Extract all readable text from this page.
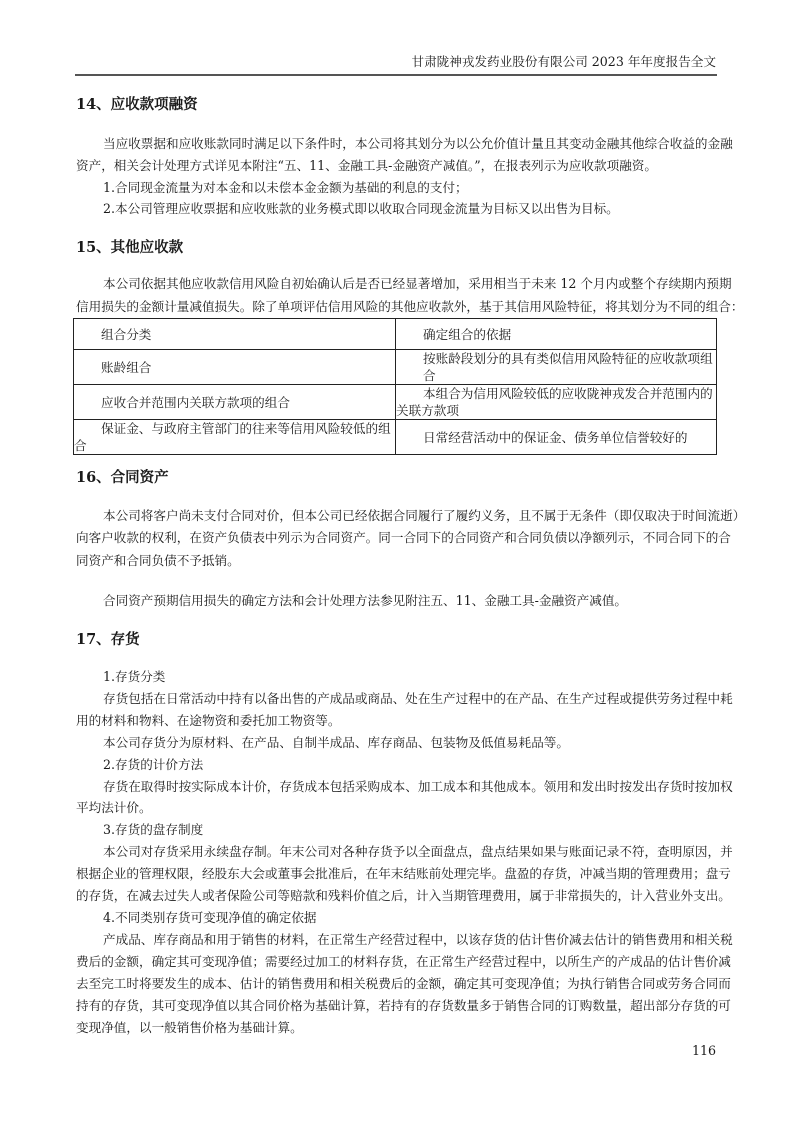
甘肃陇神戎发药业股份有限公司 2023 年年度报告全文
14、应收款项融资
当应收票据和应收账款同时满足以下条件时，本公司将其划分为以公允价值计量且其变动金融其他综合收益的金融
资产，相关会计处理方式详见本附注“五、11、金融工具-金融资产减值。”，在报表列示为应收款项融资。
1.合同现金流量为对本金和以未偿本金金额为基础的利息的支付；
2.本公司管理应收票据和应收账款的业务模式即以收取合同现金流量为目标又以出售为目标。
15、其他应收款
本公司依据其他应收款信用风险自初始确认后是否已经显著增加，采用相当于未来 12 个月内或整个存续期内预期
信用损失的金额计量减值损失。除了单项评估信用风险的其他应收款外，基于其信用风险特征，将其划分为不同的组合：
组合分类	确定组合的依据
账龄组合	按账龄段划分的具有类似信用风险特征的应收款项组合
应收合并范围内关联方款项的组合	本组合为信用风险较低的应收陇神戎发合并范围内的关联方款项
保证金、与政府主管部门的往来等信用风险较低的组合	日常经营活动中的保证金、债务单位信誉较好的
16、合同资产
本公司将客户尚未支付合同对价，但本公司已经依据合同履行了履约义务，且不属于无条件（即仅取决于时间流逝）
向客户收款的权利，在资产负债表中列示为合同资产。同一合同下的合同资产和合同负债以净额列示，不同合同下的合
同资产和合同负债不予抵销。
合同资产预期信用损失的确定方法和会计处理方法参见附注五、11、金融工具-金融资产减值。
17、存货
1.存货分类
存货包括在日常活动中持有以备出售的产成品或商品、处在生产过程中的在产品、在生产过程或提供劳务过程中耗
用的材料和物料、在途物资和委托加工物资等。
本公司存货分为原材料、在产品、自制半成品、库存商品、包装物及低值易耗品等。
2.存货的计价方法
存货在取得时按实际成本计价，存货成本包括采购成本、加工成本和其他成本。领用和发出时按发出存货时按加权
平均法计价。
3.存货的盘存制度
本公司对存货采用永续盘存制。年末公司对各种存货予以全面盘点，盘点结果如果与账面记录不符，查明原因，并
根据企业的管理权限，经股东大会或董事会批准后，在年末结账前处理完毕。盘盈的存货，冲减当期的管理费用；盘亏
的存货，在减去过失人或者保险公司等赔款和残料价值之后，计入当期管理费用，属于非常损失的，计入营业外支出。
4.不同类别存货可变现净值的确定依据
产成品、库存商品和用于销售的材料，在正常生产经营过程中，以该存货的估计售价减去估计的销售费用和相关税
费后的金额，确定其可变现净值；需要经过加工的材料存货，在正常生产经营过程中，以所生产的产成品的估计售价减
去至完工时将要发生的成本、估计的销售费用和相关税费后的金额，确定其可变现净值；为执行销售合同或劳务合同而
持有的存货，其可变现净值以其合同价格为基础计算，若持有的存货数量多于销售合同的订购数量，超出部分存货的可
变现净值，以一般销售价格为基础计算。
116
